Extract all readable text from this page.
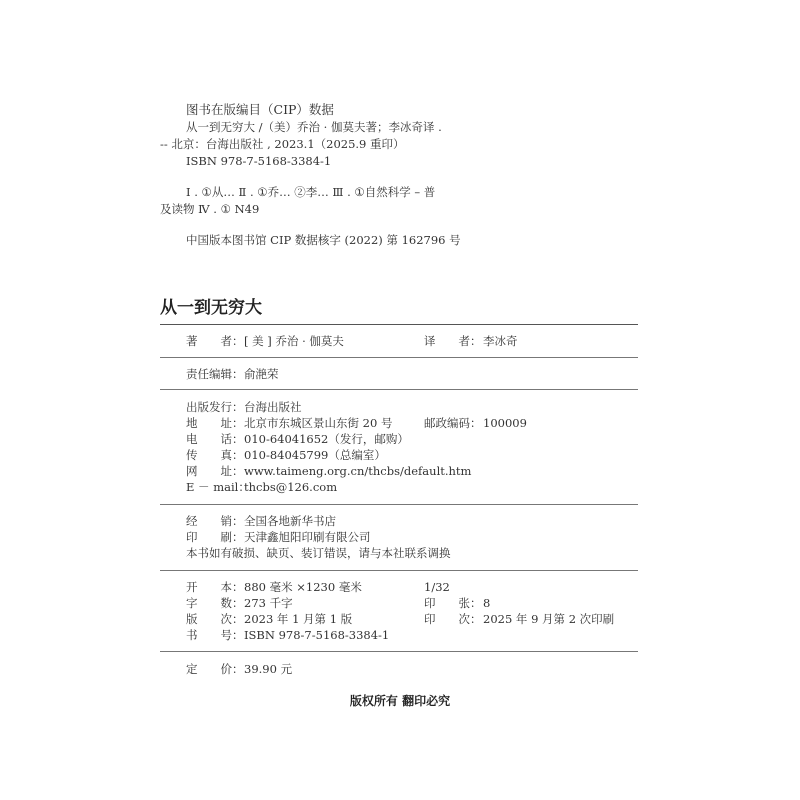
图书在版编目（CIP）数据
从一到无穷大 /（美）乔治 · 伽莫夫著；李冰奇译 .
-- 北京：台海出版社 , 2023.1（2025.9 重印）
ISBN 978-7-5168-3384-1
Ⅰ . ①从… Ⅱ . ①乔… ②李… Ⅲ . ①自然科学 – 普
及读物 Ⅳ . ① N49
中国版本图书馆 CIP 数据核字 (2022) 第 162796 号
从一到无穷大
著　　者： [ 美 ] 乔治 · 伽莫夫	译　　者： 李冰奇
责任编辑： 俞滟荣
出版发行： 台海出版社
地　　址： 北京市东城区景山东街 20 号	邮政编码： 100009
电　　话： 010-64041652（发行，邮购）
传　　真： 010-84045799（总编室）
网　　址： www.taimeng.org.cn/thcbs/default.htm
E － mail：
thcbs@126.com
经　　销： 全国各地新华书店
印　　刷： 天津鑫旭阳印刷有限公司
本书如有破损、缺页、装订错误，请与本社联系调换
开　　本： 880 毫米 ×1230 毫米	1/32
字　　数： 273 千字	印　　张： 8
版　　次： 2023 年 1 月第 1 版	印　　次： 2025 年 9 月第 2 次印刷
书　　号： ISBN 978-7-5168-3384-1
定　　价： 39.90 元
版权所有 翻印必究
